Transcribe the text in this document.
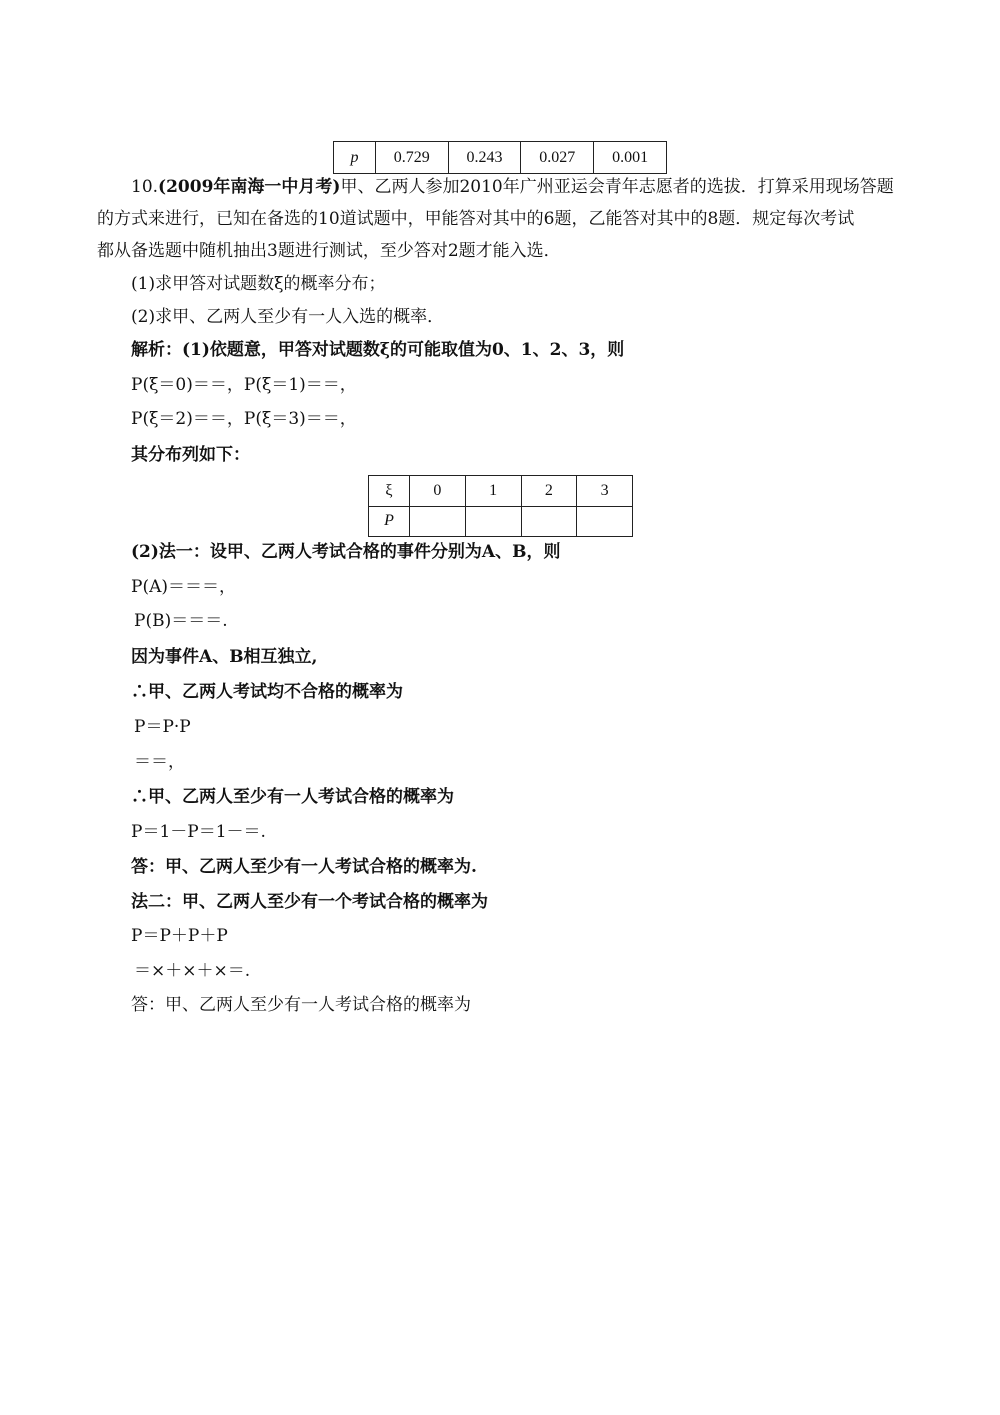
p	0.729	0.243	0.027	0.001
10.(2009年南海一中月考)甲、乙两人参加2010年广州亚运会青年志愿者的选拔．打算采用现场答题
的方式来进行，已知在备选的10道试题中，甲能答对其中的6题，乙能答对其中的8题．规定每次考试
都从备选题中随机抽出3题进行测试，至少答对2题才能入选．
(1)求甲答对试题数ξ的概率分布；
(2)求甲、乙两人至少有一人入选的概率．
解析：(1)依题意，甲答对试题数ξ的可能取值为0、1、2、3，则
P(ξ＝0)＝＝，P(ξ＝1)＝＝，
P(ξ＝2)＝＝，P(ξ＝3)＝＝，
其分布列如下：
ξ	0	1	2	3
P				
(2)法一：设甲、乙两人考试合格的事件分别为A、B，则
P(A)＝＝＝，
P(B)＝＝＝.
因为事件A、B相互独立,
∴甲、乙两人考试均不合格的概率为
P＝P·P
＝＝，
∴甲、乙两人至少有一人考试合格的概率为
P＝1－P＝1－＝.
答：甲、乙两人至少有一人考试合格的概率为.
法二：甲、乙两人至少有一个考试合格的概率为
P＝P＋P＋P
＝×＋×＋×＝.
答：甲、乙两人至少有一人考试合格的概率为
